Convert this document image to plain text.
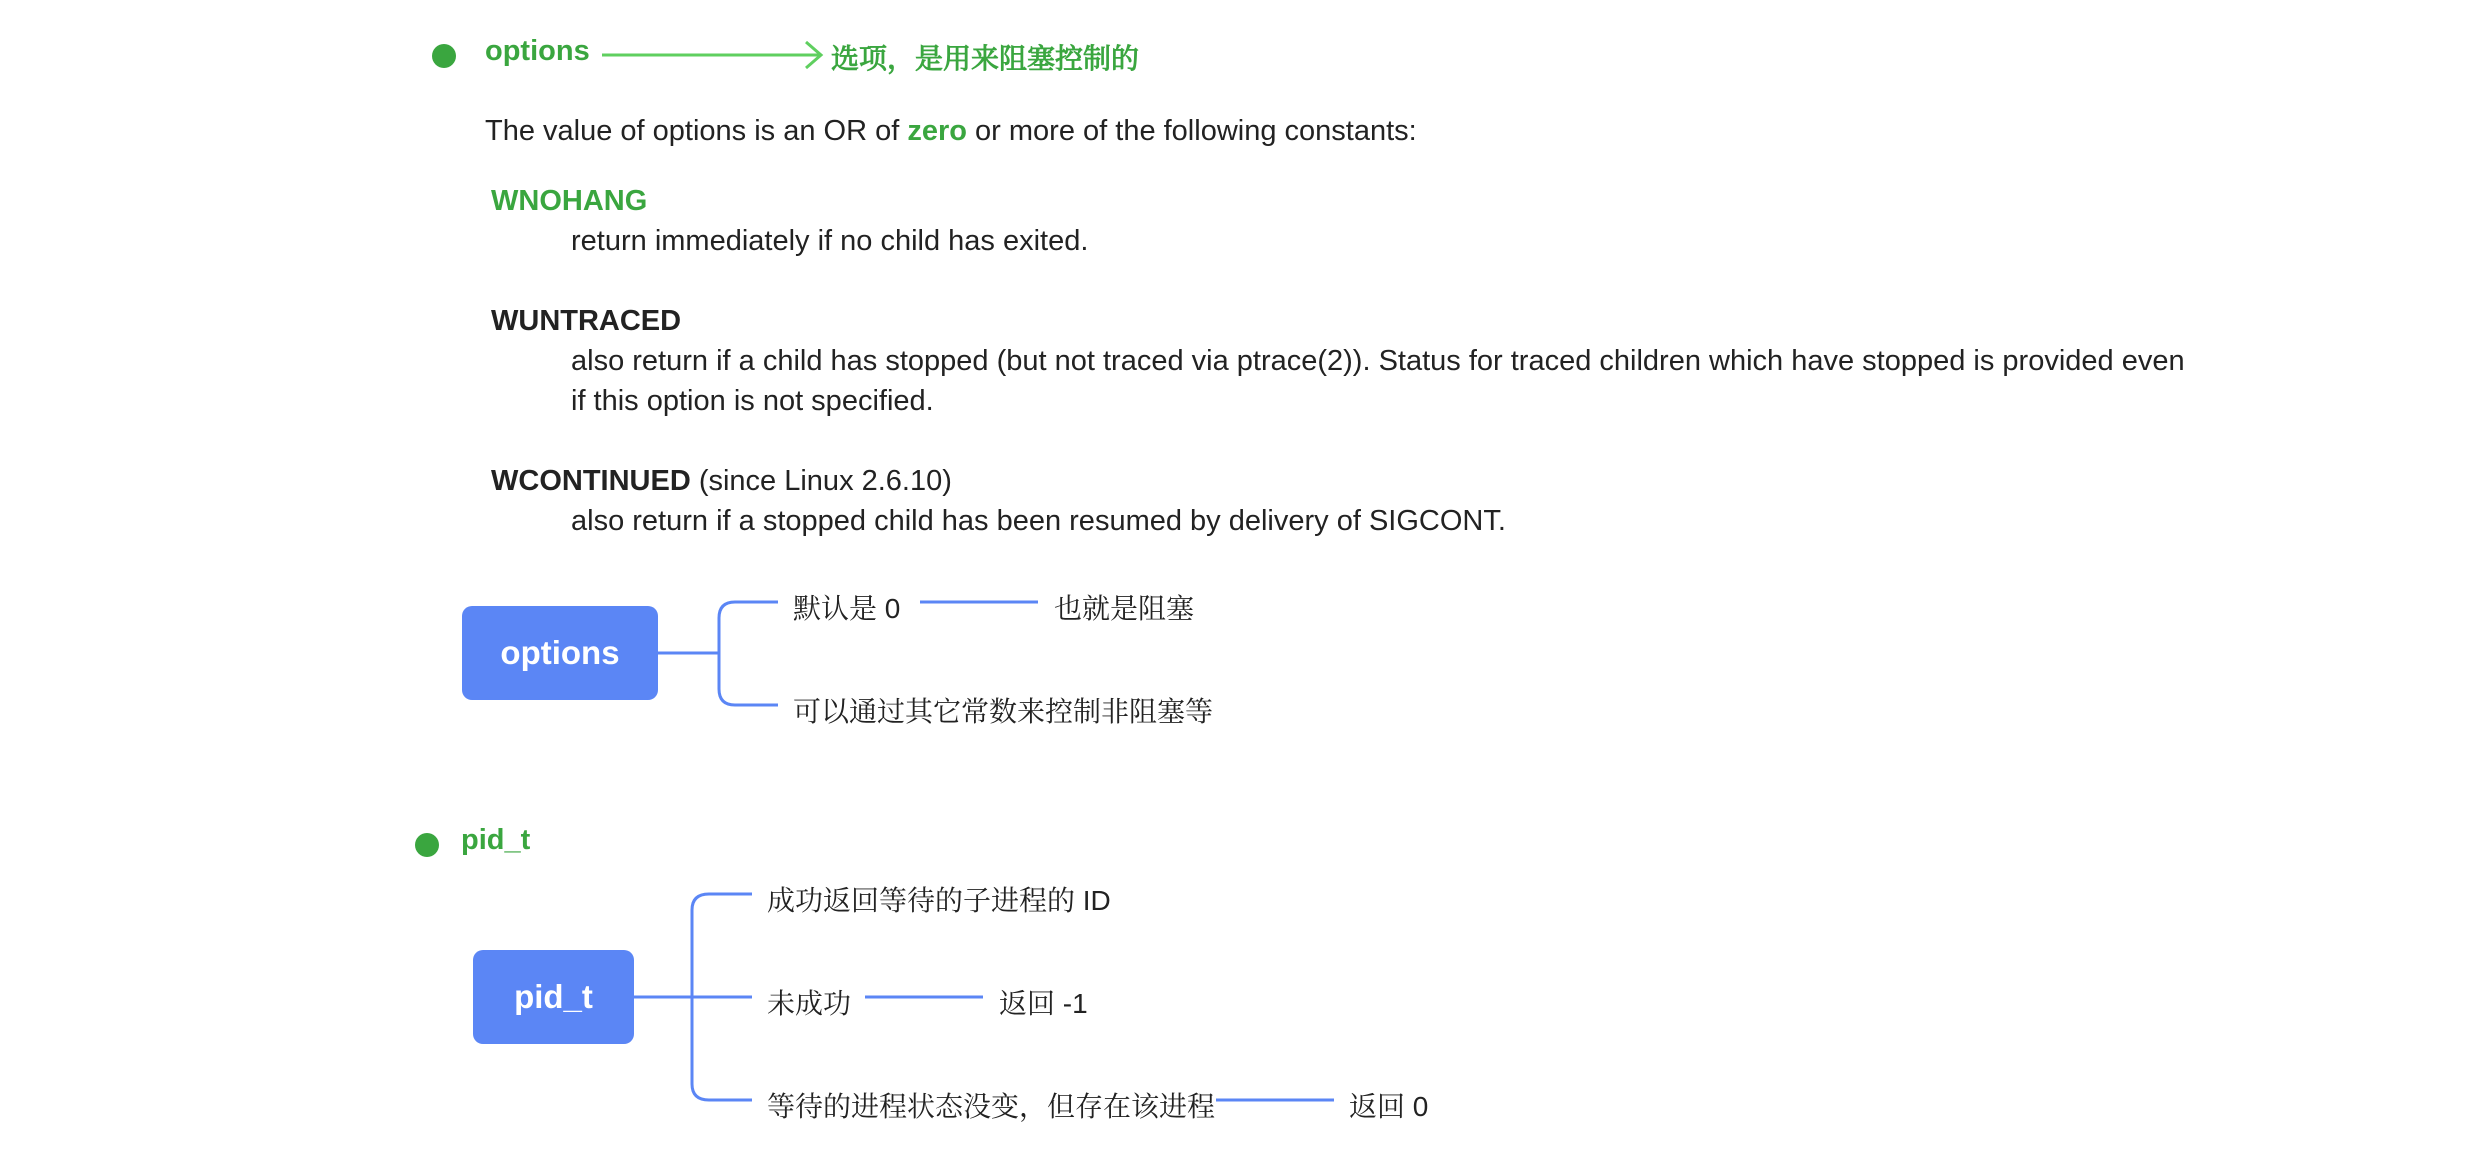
options	选项，是用来阻塞控制的
The value of options is an OR of zero or more of the following constants:
WNOHANG
return immediately if no child has exited.
WUNTRACED
also return if a child has stopped (but not traced via ptrace(2)). Status for traced children which have stopped is provided even
if this option is not specified.
WCONTINUED (since Linux 2.6.10)
also return if a stopped child has been resumed by delivery of SIGCONT.
options
默认是 0	也就是阻塞
可以通过其它常数来控制非阻塞等
pid_t
pid_t
成功返回等待的子进程的 ID
未成功	返回 -1
等待的进程状态没变，但存在该进程	返回 0
